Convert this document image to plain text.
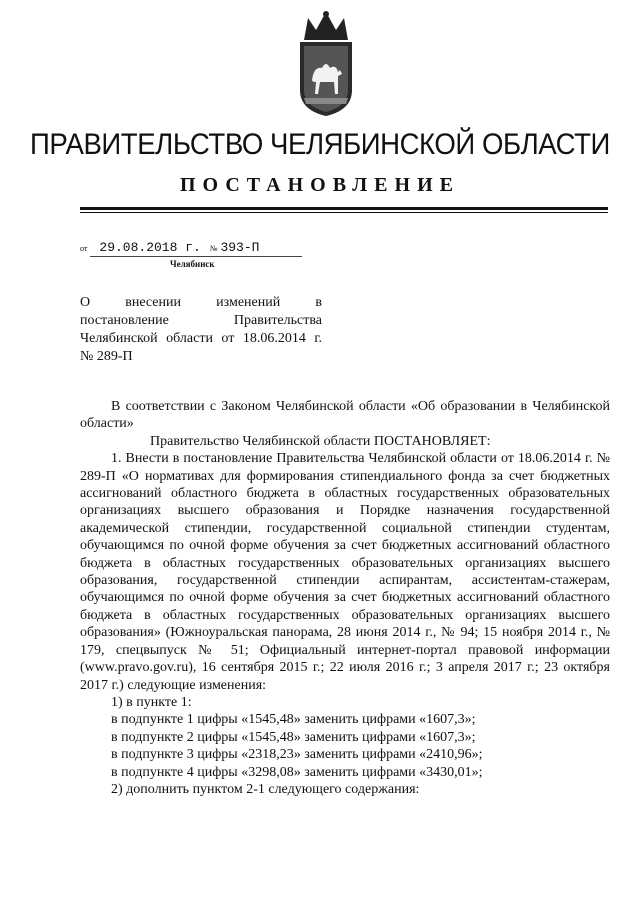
ПРАВИТЕЛЬСТВО ЧЕЛЯБИНСКОЙ ОБЛАСТИ
ПОСТАНОВЛЕНИЕ
от 29.08.2018 г. № 393-П
Челябинск
О внесении изменений в
постановление Правительства
Челябинской области от 18.06.2014 г.
№ 289-П

В соответствии с Законом Челябинской области «Об образовании в Челябинской области»

Правительство Челябинской области ПОСТАНОВЛЯЕТ:

1. Внести в постановление Правительства Челябинской области от 18.06.2014 г. № 289-П «О нормативах для формирования стипендиального фонда за счет бюджетных ассигнований областного бюджета в областных государственных образовательных организациях высшего образования и Порядке назначения государственной академической стипендии, государственной социальной стипендии студентам, обучающимся по очной форме обучения за счет бюджетных ассигнований областного бюджета в областных государственных образовательных организациях высшего образования, государственной стипендии аспирантам, ассистентам-стажерам, обучающимся по очной форме обучения за счет бюджетных ассигнований областного бюджета в областных государственных образовательных организациях высшего образования» (Южноуральская панорама, 28 июня 2014 г., № 94; 15 ноября 2014 г., № 179, спецвыпуск № 51; Официальный интернет-портал правовой информации (www.pravo.gov.ru), 16 сентября 2015 г.; 22 июля 2016 г.; 3 апреля 2017 г.; 23 октября 2017 г.) следующие изменения:

1) в пункте 1:

в подпункте 1 цифры «1545,48» заменить цифрами «1607,3»;

в подпункте 2 цифры «1545,48» заменить цифрами «1607,3»;

в подпункте 3 цифры «2318,23» заменить цифрами «2410,96»;

в подпункте 4 цифры «3298,08» заменить цифрами «3430,01»;

2) дополнить пунктом 2-1 следующего содержания:
